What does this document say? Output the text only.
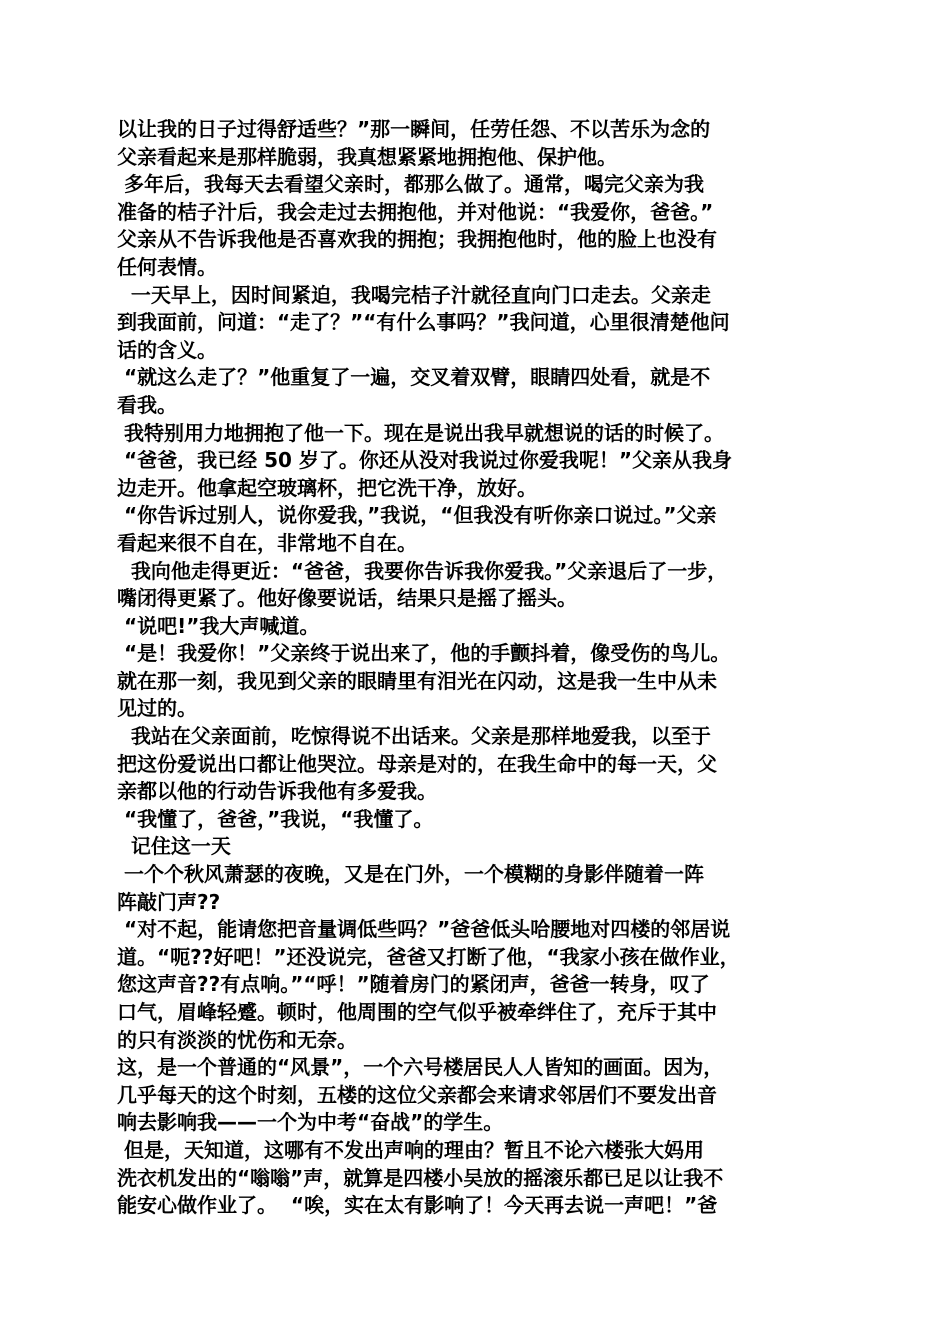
以让我的日子过得舒适些？”那一瞬间，任劳任怨、不以苦乐为念的
父亲看起来是那样脆弱，我真想紧紧地拥抱他、保护他。
多年后，我每天去看望父亲时，都那么做了。通常，喝完父亲为我
准备的桔子汁后，我会走过去拥抱他，并对他说：“我爱你，爸爸。”
父亲从不告诉我他是否喜欢我的拥抱；我拥抱他时，他的脸上也没有
任何表情。
一天早上，因时间紧迫，我喝完桔子汁就径直向门口走去。父亲走
到我面前，问道：“走了？”“有什么事吗？”我问道，心里很清楚他问
话的含义。
“就这么走了？”他重复了一遍，交叉着双臂，眼睛四处看，就是不
看我。
我特别用力地拥抱了他一下。现在是说出我早就想说的话的时候了。
“爸爸，我已经 50 岁了。你还从没对我说过你爱我呢！”父亲从我身
边走开。他拿起空玻璃杯，把它洗干净，放好。
“你告诉过别人，说你爱我，”我说，“但我没有听你亲口说过。”父亲
看起来很不自在，非常地不自在。
我向他走得更近：“爸爸，我要你告诉我你爱我。”父亲退后了一步，
嘴闭得更紧了。他好像要说话，结果只是摇了摇头。
“说吧!”我大声喊道。
“是！我爱你！”父亲终于说出来了，他的手颤抖着，像受伤的鸟儿。
就在那一刻，我见到父亲的眼睛里有泪光在闪动，这是我一生中从未
见过的。
我站在父亲面前，吃惊得说不出话来。父亲是那样地爱我，以至于
把这份爱说出口都让他哭泣。母亲是对的，在我生命中的每一天，父
亲都以他的行动告诉我他有多爱我。
“我懂了，爸爸，”我说，“我懂了。
记住这一天
一个个秋风萧瑟的夜晚，又是在门外，一个模糊的身影伴随着一阵
阵敲门声??
“对不起，能请您把音量调低些吗？”爸爸低头哈腰地对四楼的邻居说
道。“呃??好吧！”还没说完，爸爸又打断了他，“我家小孩在做作业，
您这声音??有点响。”“呼！”随着房门的紧闭声，爸爸一转身，叹了
口气，眉峰轻蹙。顿时，他周围的空气似乎被牵绊住了，充斥于其中
的只有淡淡的忧伤和无奈。
这，是一个普通的“风景”，一个六号楼居民人人皆知的画面。因为，
几乎每天的这个时刻，五楼的这位父亲都会来请求邻居们不要发出音
响去影响我——一个为中考“奋战”的学生。
但是，天知道，这哪有不发出声响的理由？暂且不论六楼张大妈用
洗衣机发出的“嗡嗡”声，就算是四楼小吴放的摇滚乐都已足以让我不
能安心做作业了。  “唉，实在太有影响了！今天再去说一声吧！”爸
